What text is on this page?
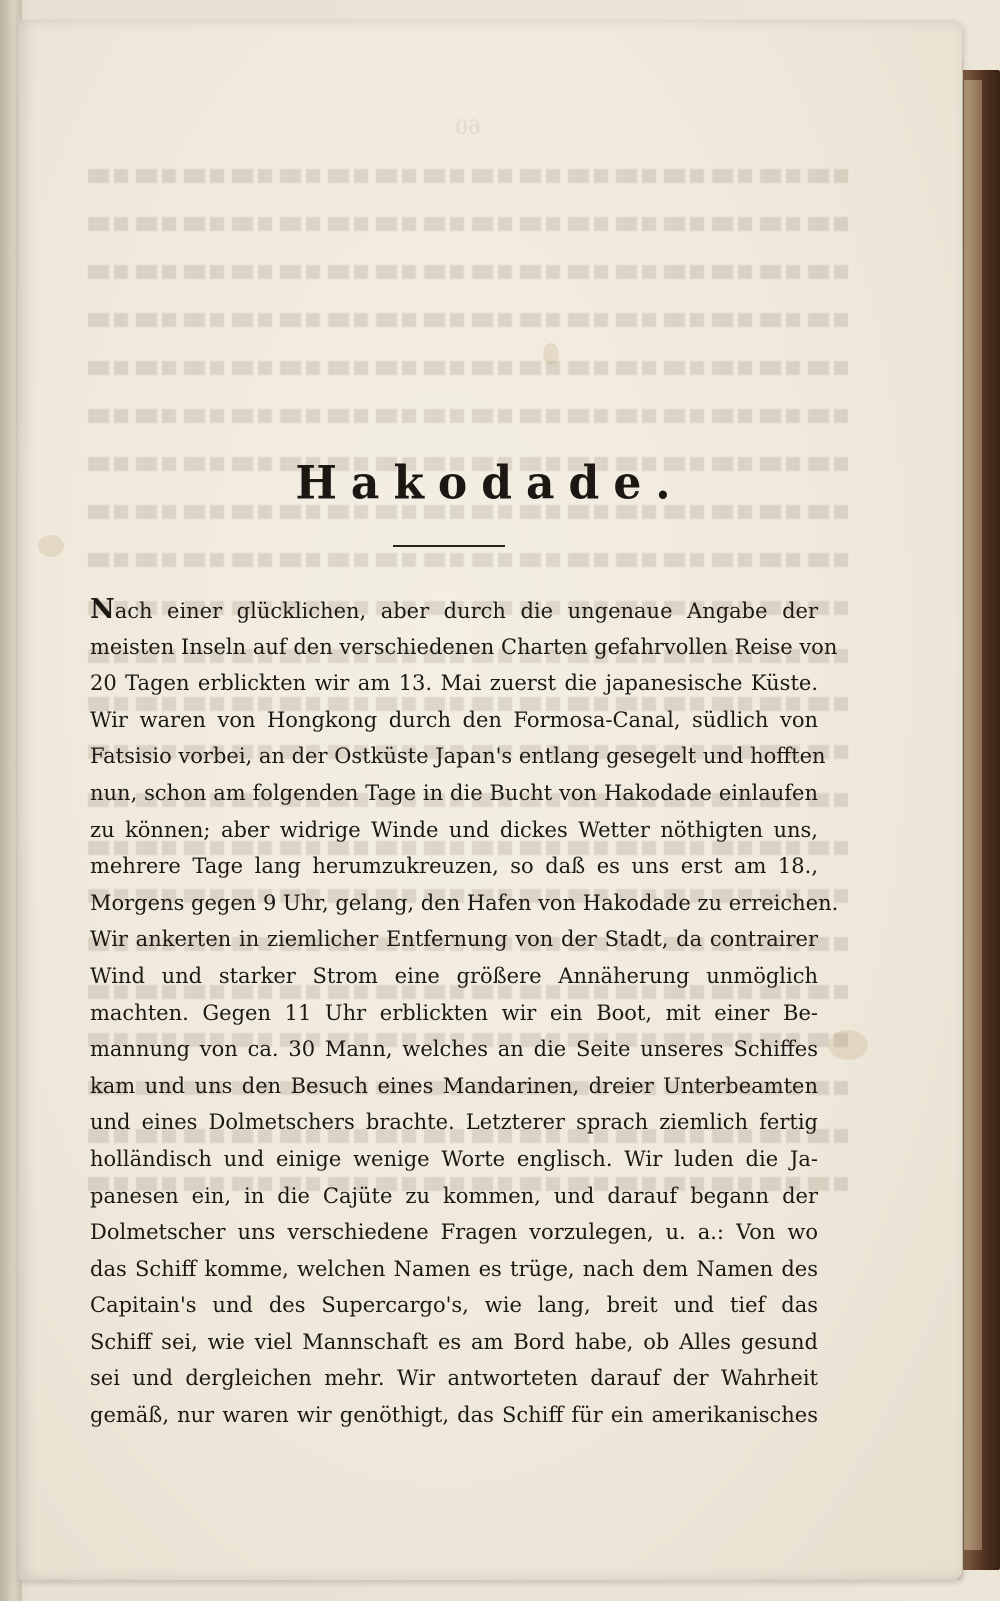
60
Hakodade.
Nach einer glücklichen, aber durch die ungenaue Angabe der
meisten Inseln auf den verschiedenen Charten gefahrvollen Reise von
20 Tagen erblickten wir am 13. Mai zuerst die japanesische Küste.
Wir waren von Hongkong durch den Formosa-Canal, südlich von
Fatsisio vorbei, an der Ostküste Japan's entlang gesegelt und hofften
nun, schon am folgenden Tage in die Bucht von Hakodade einlaufen
zu können; aber widrige Winde und dickes Wetter nöthigten uns,
mehrere Tage lang herumzukreuzen, so daß es uns erst am 18.,
Morgens gegen 9 Uhr, gelang, den Hafen von Hakodade zu erreichen.
Wir ankerten in ziemlicher Entfernung von der Stadt, da contrairer
Wind und starker Strom eine größere Annäherung unmöglich
machten. Gegen 11 Uhr erblickten wir ein Boot, mit einer Be-
mannung von ca. 30 Mann, welches an die Seite unseres Schiffes
kam und uns den Besuch eines Mandarinen, dreier Unterbeamten
und eines Dolmetschers brachte. Letzterer sprach ziemlich fertig
holländisch und einige wenige Worte englisch. Wir luden die Ja-
panesen ein, in die Cajüte zu kommen, und darauf begann der
Dolmetscher uns verschiedene Fragen vorzulegen, u. a.: Von wo
das Schiff komme, welchen Namen es trüge, nach dem Namen des
Capitain's und des Supercargo's, wie lang, breit und tief das
Schiff sei, wie viel Mannschaft es am Bord habe, ob Alles gesund
sei und dergleichen mehr. Wir antworteten darauf der Wahrheit
gemäß, nur waren wir genöthigt, das Schiff für ein amerikanisches
